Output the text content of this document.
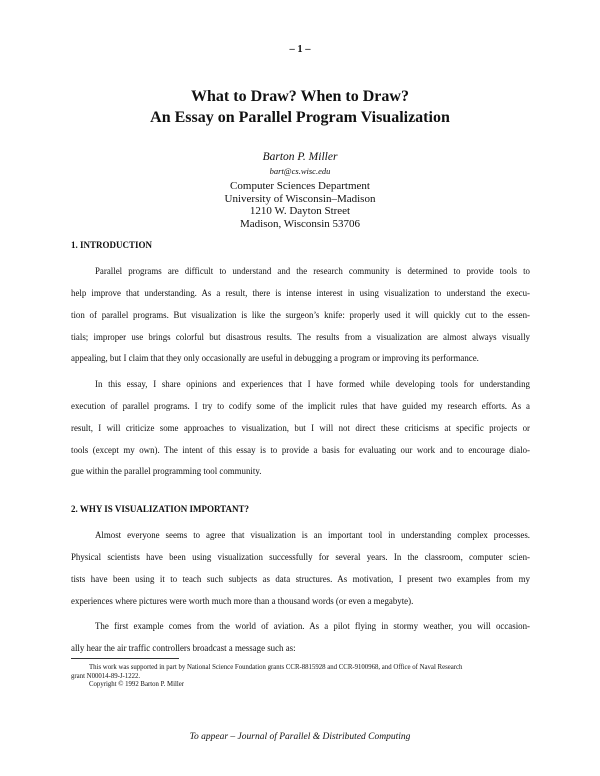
– 1 –
What to Draw? When to Draw?
An Essay on Parallel Program Visualization
Barton P. Miller
bart@cs.wisc.edu
Computer Sciences Department
University of Wisconsin–Madison
1210 W. Dayton Street
Madison, Wisconsin 53706
1. INTRODUCTION
Parallel programs are difficult to understand and the research community is determined to provide tools to
help improve that understanding. As a result, there is intense interest in using visualization to understand the execu-
tion of parallel programs. But visualization is like the surgeon’s knife: properly used it will quickly cut to the essen-
tials; improper use brings colorful but disastrous results. The results from a visualization are almost always visually
appealing, but I claim that they only occasionally are useful in debugging a program or improving its performance.
In this essay, I share opinions and experiences that I have formed while developing tools for understanding
execution of parallel programs. I try to codify some of the implicit rules that have guided my research efforts. As a
result, I will criticize some approaches to visualization, but I will not direct these criticisms at specific projects or
tools (except my own). The intent of this essay is to provide a basis for evaluating our work and to encourage dialo-
gue within the parallel programming tool community.
2. WHY IS VISUALIZATION IMPORTANT?
Almost everyone seems to agree that visualization is an important tool in understanding complex processes.
Physical scientists have been using visualization successfully for several years. In the classroom, computer scien-
tists have been using it to teach such subjects as data structures. As motivation, I present two examples from my
experiences where pictures were worth much more than a thousand words (or even a megabyte).
The first example comes from the world of aviation. As a pilot flying in stormy weather, you will occasion-
ally hear the air traffic controllers broadcast a message such as:
This work was supported in part by National Science Foundation grants CCR-8815928 and CCR-9100968, and Office of Naval Research
grant N00014-89-J-1222.
Copyright © 1992 Barton P. Miller
To appear – Journal of Parallel & Distributed Computing
